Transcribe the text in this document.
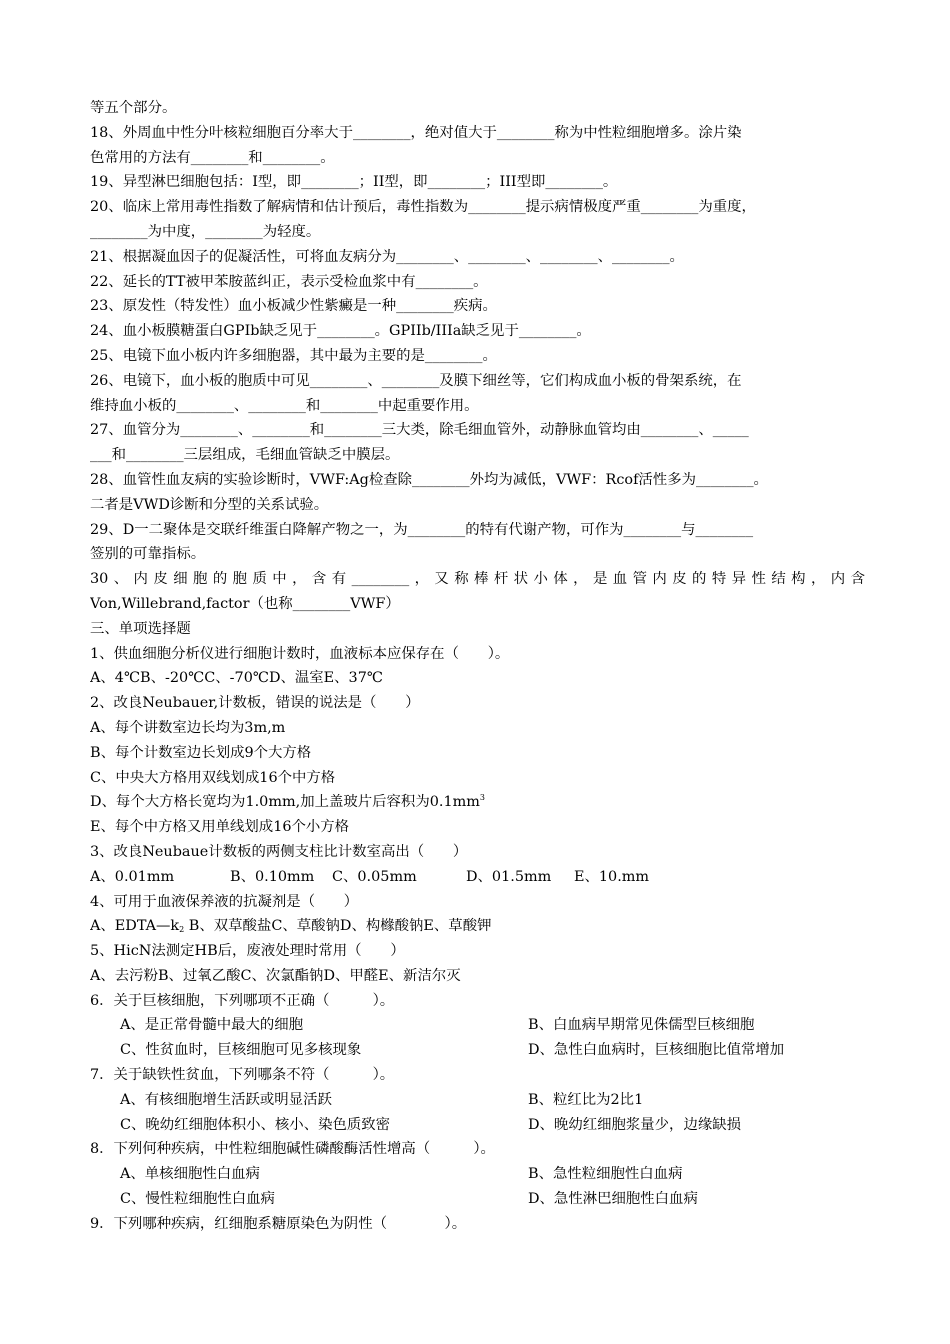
等五个部分。
18、外周血中性分叶核粒细胞百分率大于________，绝对值大于________称为中性粒细胞增多。涂片染
色常用的方法有________和________。
19、异型淋巴细胞包括：I型，即________；II型，即________；III型即________。
20、临床上常用毒性指数了解病情和估计预后，毒性指数为________提示病情极度严重________为重度，
________为中度，________为轻度。
21、根据凝血因子的促凝活性，可将血友病分为________、________、________、________。
22、延长的TT被甲苯胺蓝纠正，表示受检血浆中有________。
23、原发性（特发性）血小板减少性紫癜是一种________疾病。
24、血小板膜糖蛋白GPIb缺乏见于________。GPIIb/IIIa缺乏见于________。
25、电镜下血小板内许多细胞器，其中最为主要的是________。
26、电镜下，血小板的胞质中可见________、________及膜下细丝等，它们构成血小板的骨架系统，在
维持血小板的________、________和________中起重要作用。
27、血管分为________、________和________三大类，除毛细血管外，动静脉血管均由________、_____
___和________三层组成，毛细血管缺乏中膜层。
28、血管性血友病的实验诊断时，VWF:Ag检查除________外均为减低，VWF：Rcof活性多为________。
二者是VWD诊断和分型的关系试验。
29、D一二聚体是交联纤维蛋白降解产物之一，为________的特有代谢产物，可作为________与________
签别的可靠指标。
30、内皮细胞的胞质中，含有________，又称棒杆状小体，是血管内皮的特异性结构，内含
Von,Willebrand,factor（也称________VWF）
三、单项选择题
1、供血细胞分析仪进行细胞计数时，血液标本应保存在（　　）。
A、4℃B、-20℃C、-70℃D、温室E、37℃
2、改良Neubauer,计数板，错误的说法是（　　）
A、每个讲数室边长均为3m,m
B、每个计数室边长划成9个大方格
C、中央大方格用双线划成16个中方格
D、每个大方格长宽均为1.0mm,加上盖玻片后容积为$0.1mm^3$
E、每个中方格又用单线划成16个小方格
3、改良Neubaue计数板的两侧支柱比计数室高出（　　）
A、0.01mm	B、0.10mm C、0.05mm	D、01.5mm E、10.mm
4、可用于血液保养液的抗凝剂是（　　）
A、$EDTA—k_2$ B、双草酸盐C、草酸钠D、构橼酸钠E、草酸钾
5、HicN法测定HB后，废液处理时常用（　　）
A、去污粉B、过氧乙酸C、次氯酯钠D、甲醛E、新洁尔灭
6．关于巨核细胞，下列哪项不正确（　　　）。
A、是正常骨髓中最大的细胞	B、白血病早期常见侏儒型巨核细胞
C、性贫血时，巨核细胞可见多核现象	D、急性白血病时，巨核细胞比值常增加
7．关于缺铁性贫血，下列哪条不符（　　　）。
A、有核细胞增生活跃或明显活跃	B、粒红比为2比1
C、晚幼红细胞体积小、核小、染色质致密	D、晚幼红细胞浆量少，边缘缺损
8．下列何种疾病，中性粒细胞碱性磷酸酶活性增高（　　　）。
A、单核细胞性白血病	B、急性粒细胞性白血病
C、慢性粒细胞性白血病	D、急性淋巴细胞性白血病
9．下列哪种疾病，红细胞系糖原染色为阴性（　　　　）。
